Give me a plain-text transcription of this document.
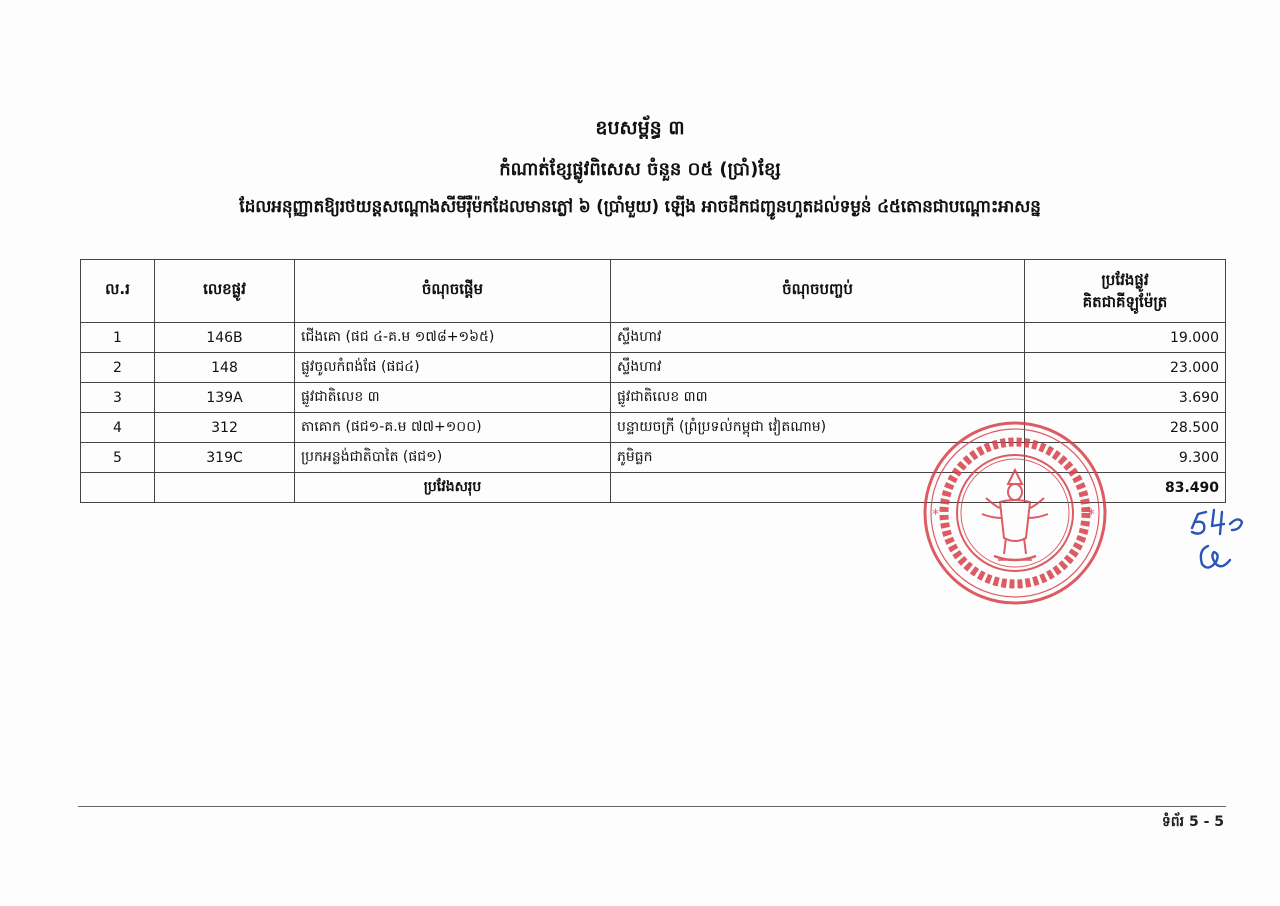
ឧបសម្ព័ន្ធ ៣
កំណាត់ខ្សែផ្លូវពិសេស ចំនួន ០៥ (ប្រាំ)ខ្សែ
ដែលអនុញ្ញាតឱ្យរថយន្តសណ្ដោងសីមីរ៉ឺម៉កដែលមានភ្លៅ ៦ (ប្រាំមួយ) ឡើង អាចដឹកជញ្ជូនហួតដល់ទម្ងន់ ៤៥តោនជាបណ្ដោះអាសន្ន
ល.រ	លេខផ្លូវ	ចំណុចផ្ដើម	ចំណុចបញ្ចប់	ប្រវែងផ្លូវ
គិតជាគីឡូម៉ែត្រ

1	146B	ជើងគោ (ផជ ៤-គ.ម ១៧៨+១៦៥)	ស្ទឹងហាវ	19.000
2	148	ផ្លូវចូលកំពង់ផែ (ផជ៤)	ស្ទឹងហាវ	23.000
3	139A	ផ្លូវជាតិលេខ ៣	ផ្លូវជាតិលេខ ៣៣	3.690
4	312	តាគោក (ផជ១-គ.ម ៧៧+១០០)	បន្ទាយចក្រី (ព្រំប្រទល់កម្ពុជា វៀតណាម)	28.500
5	319C	ប្រកអន្លង់ជាតិបាតៃ (ផជ១)	ភូមិធ្លក	9.300
		ប្រវែងសរុប		83.490
*	*
ទំព័រ 5 - 5
